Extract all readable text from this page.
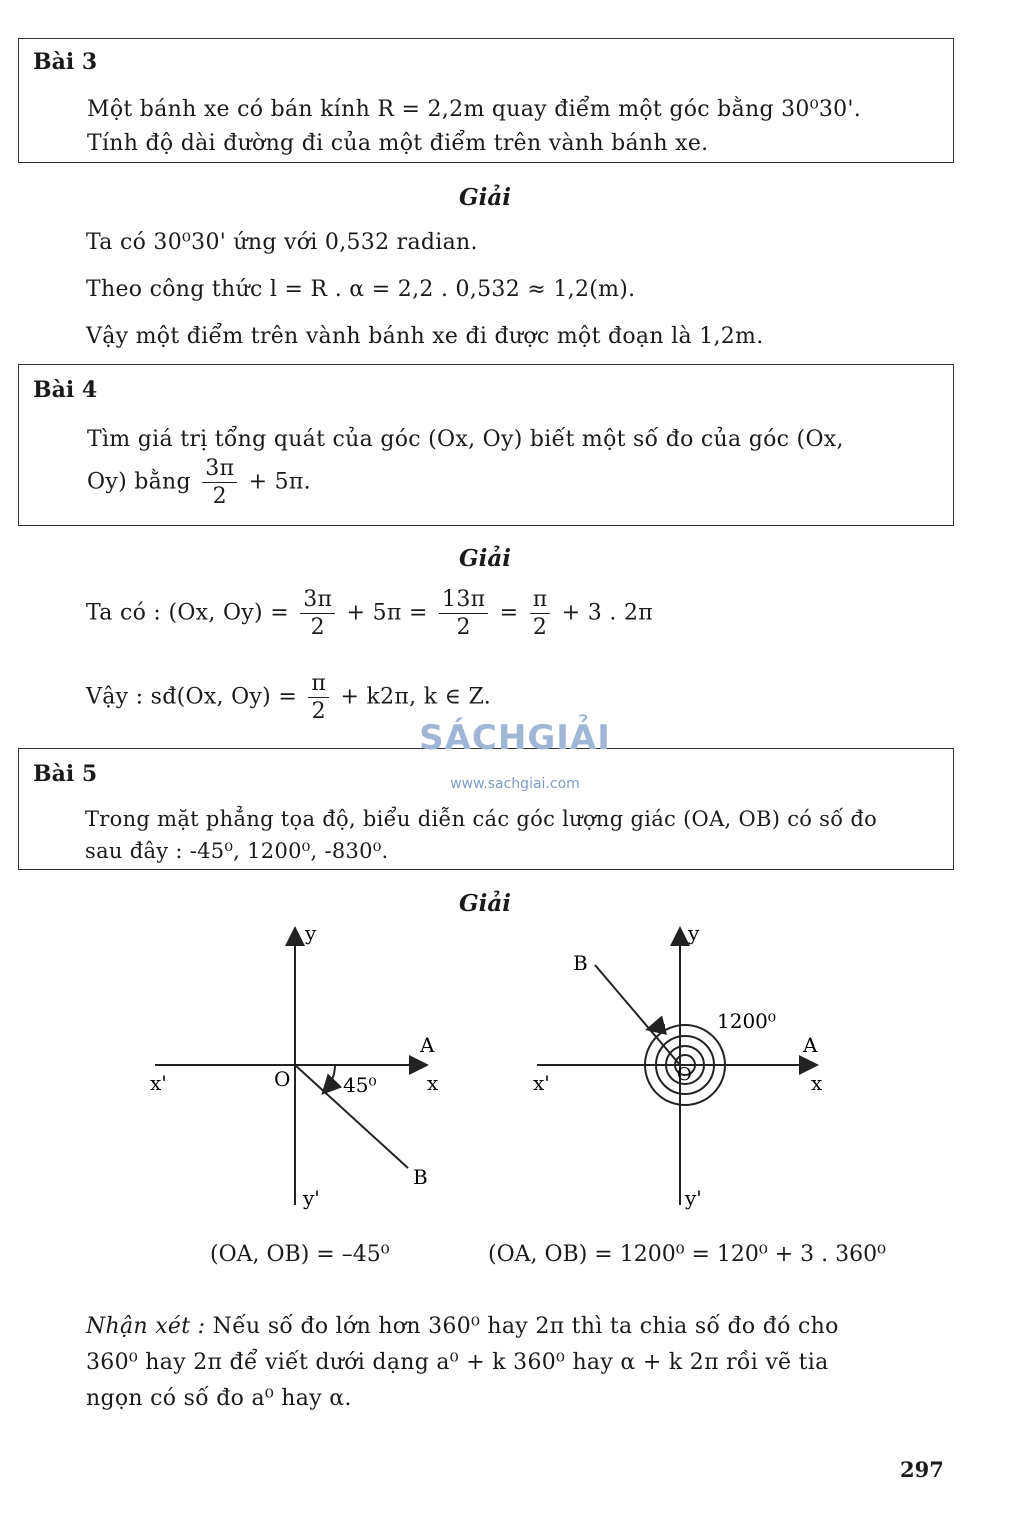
Bài 3
Một bánh xe có bán kính R = 2,2m quay điểm một góc bằng 30⁰30'.
Tính độ dài đường đi của một điểm trên vành bánh xe.
Giải
Ta có 30⁰30' ứng với 0,532 radian.
Theo công thức l = R . α = 2,2 . 0,532 ≈ 1,2(m).
Vậy một điểm trên vành bánh xe đi được một đoạn là 1,2m.
Bài 4
Tìm giá trị tổng quát của góc (Ox, Oy) biết một số đo của góc (Ox,
Oy) bằng $\frac{3\pi}{2} + 5\pi$.
Giải
Ta có : (Ox, $Oy) = \frac{3\pi}{2} + 5\pi = \frac{13\pi}{2} = \frac{\pi}{2} + 3$ . 2π
Vậy : sđ(Ox, $Oy) = \frac{\pi}{2} + k2\pi$, k ∈ Z.
Bài 5
Trong mặt phẳng tọa độ, biểu diễn các góc lượng giác (OA, OB) có số đo
sau đây : -45⁰, 1200⁰, -830⁰.
SÁCHGIẢI
www.sachgiai.com
Giải
y
O
A
x
x'	45⁰
B
y'
y
B
1200⁰
A
x
x'	O
y'
(OA, OB) = –45⁰	(OA, OB) = 1200⁰ = 120⁰ + 3 . 360⁰
Nhận xét : Nếu số đo lớn hơn 360⁰ hay 2π thì ta chia số đo đó cho
360⁰ hay 2π để viết dưới dạng a⁰ + k 360⁰ hay α + k 2π rồi vẽ tia
ngọn có số đo a⁰ hay α.
297
